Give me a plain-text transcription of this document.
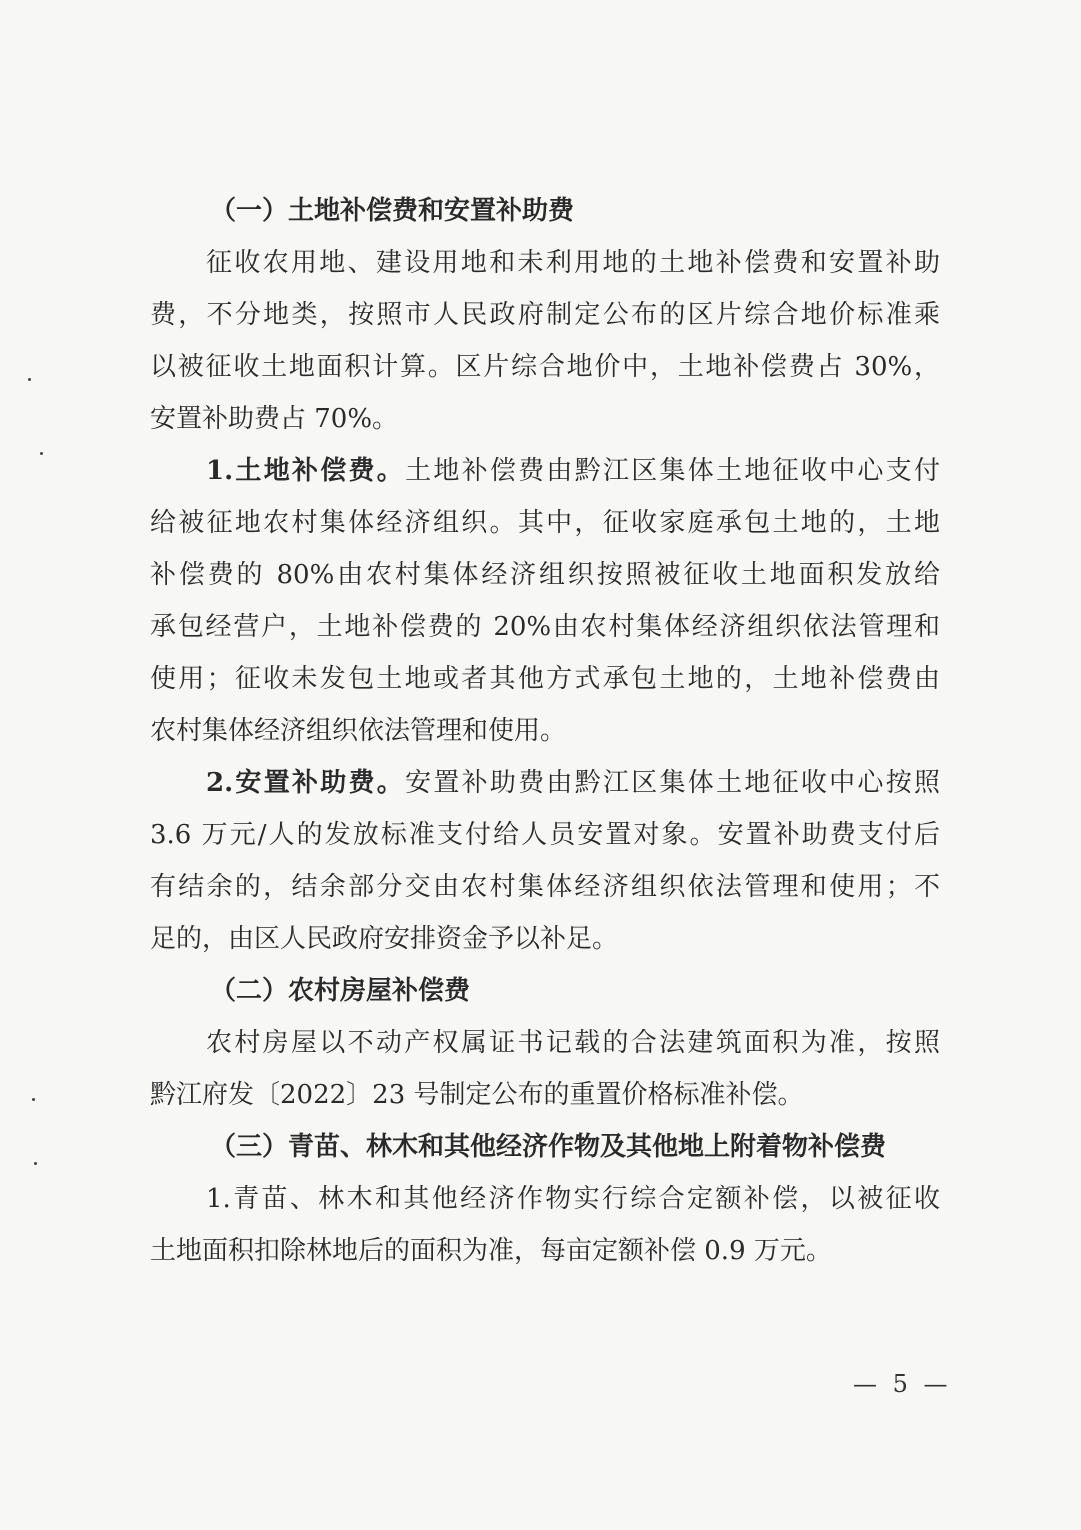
（一）土地补偿费和安置补助费
征收农用地、建设用地和未利用地的土地补偿费和安置补助
费，不分地类，按照市人民政府制定公布的区片综合地价标准乘
以被征收土地面积计算。区片综合地价中，土地补偿费占 30%，
安置补助费占 70%。
1.土地补偿费。土地补偿费由黔江区集体土地征收中心支付
给被征地农村集体经济组织。其中，征收家庭承包土地的，土地
补偿费的 80%由农村集体经济组织按照被征收土地面积发放给
承包经营户，土地补偿费的 20%由农村集体经济组织依法管理和
使用；征收未发包土地或者其他方式承包土地的，土地补偿费由
农村集体经济组织依法管理和使用。
2.安置补助费。安置补助费由黔江区集体土地征收中心按照
3.6 万元/人的发放标准支付给人员安置对象。安置补助费支付后
有结余的，结余部分交由农村集体经济组织依法管理和使用；不
足的，由区人民政府安排资金予以补足。
（二）农村房屋补偿费
农村房屋以不动产权属证书记载的合法建筑面积为准，按照
黔江府发〔2022〕23 号制定公布的重置价格标准补偿。
（三）青苗、林木和其他经济作物及其他地上附着物补偿费
1.青苗、林木和其他经济作物实行综合定额补偿，以被征收
土地面积扣除林地后的面积为准，每亩定额补偿 0.9 万元。
— 5 —
